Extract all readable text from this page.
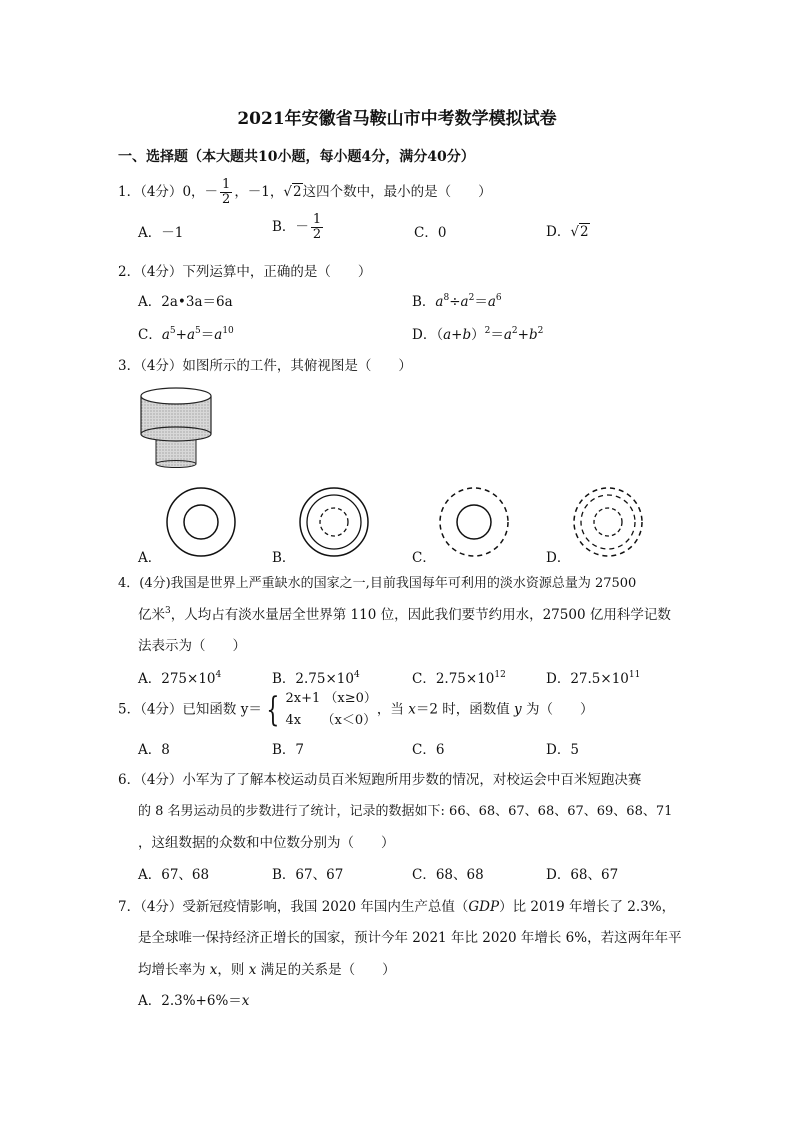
2021年安徽省马鞍山市中考数学模拟试卷
一、选择题（本大题共10小题，每小题4分，满分40分）
1．（4分）0，－ $\frac{1}{2}$ ，－1，√2这四个数中，最小的是（　　）
A．－1	B．－ $\frac{1}{2}$	C．0	D．√2
2．（4分）下列运算中，正确的是（　　）
A．2a•3a＝6a	B．$a^8\div a^2=a^6$
C．$a^5+a^5=a^{10}$	D．$(a+b)^2=a^2+b^2$
3．（4分）如图所示的工件，其俯视图是（　　）
A．	B．	C．	D．
4．(4分)我国是世界上严重缺水的国家之一,目前我国每年可利用的淡水资源总量为 27500
亿米$^3$，人均占有淡水量居全世界第 110 位，因此我们要节约用水，27500 亿用科学记数
法表示为（　　）
A．$275\times 10^4$	B．$2.75\times 10^4$	C．$2.75\times 10^{12}$	D．$27.5\times 10^{11}$
5．（4分）已知函数 y＝ { 2x+1 （x≥0）
4x （x＜0）
，当 x＝2 时，函数值 y 为（　　）
A．8	B．7	C．6	D．5
6．（4分）小军为了了解本校运动员百米短跑所用步数的情况，对校运会中百米短跑决赛
的 8 名男运动员的步数进行了统计，记录的数据如下: 66、68、67、68、67、69、68、71
，这组数据的众数和中位数分别为（　　）
A．67、68	B．67、67	C．68、68	D．68、67
7．（4分）受新冠疫情影响，我国 2020 年国内生产总值（GDP）比 2019 年增长了 2.3%，
是全球唯一保持经济正增长的国家，预计今年 2021 年比 2020 年增长 6%，若这两年年平
均增长率为 x，则 x 满足的关系是（　　）
A．2.3%+6%＝x
